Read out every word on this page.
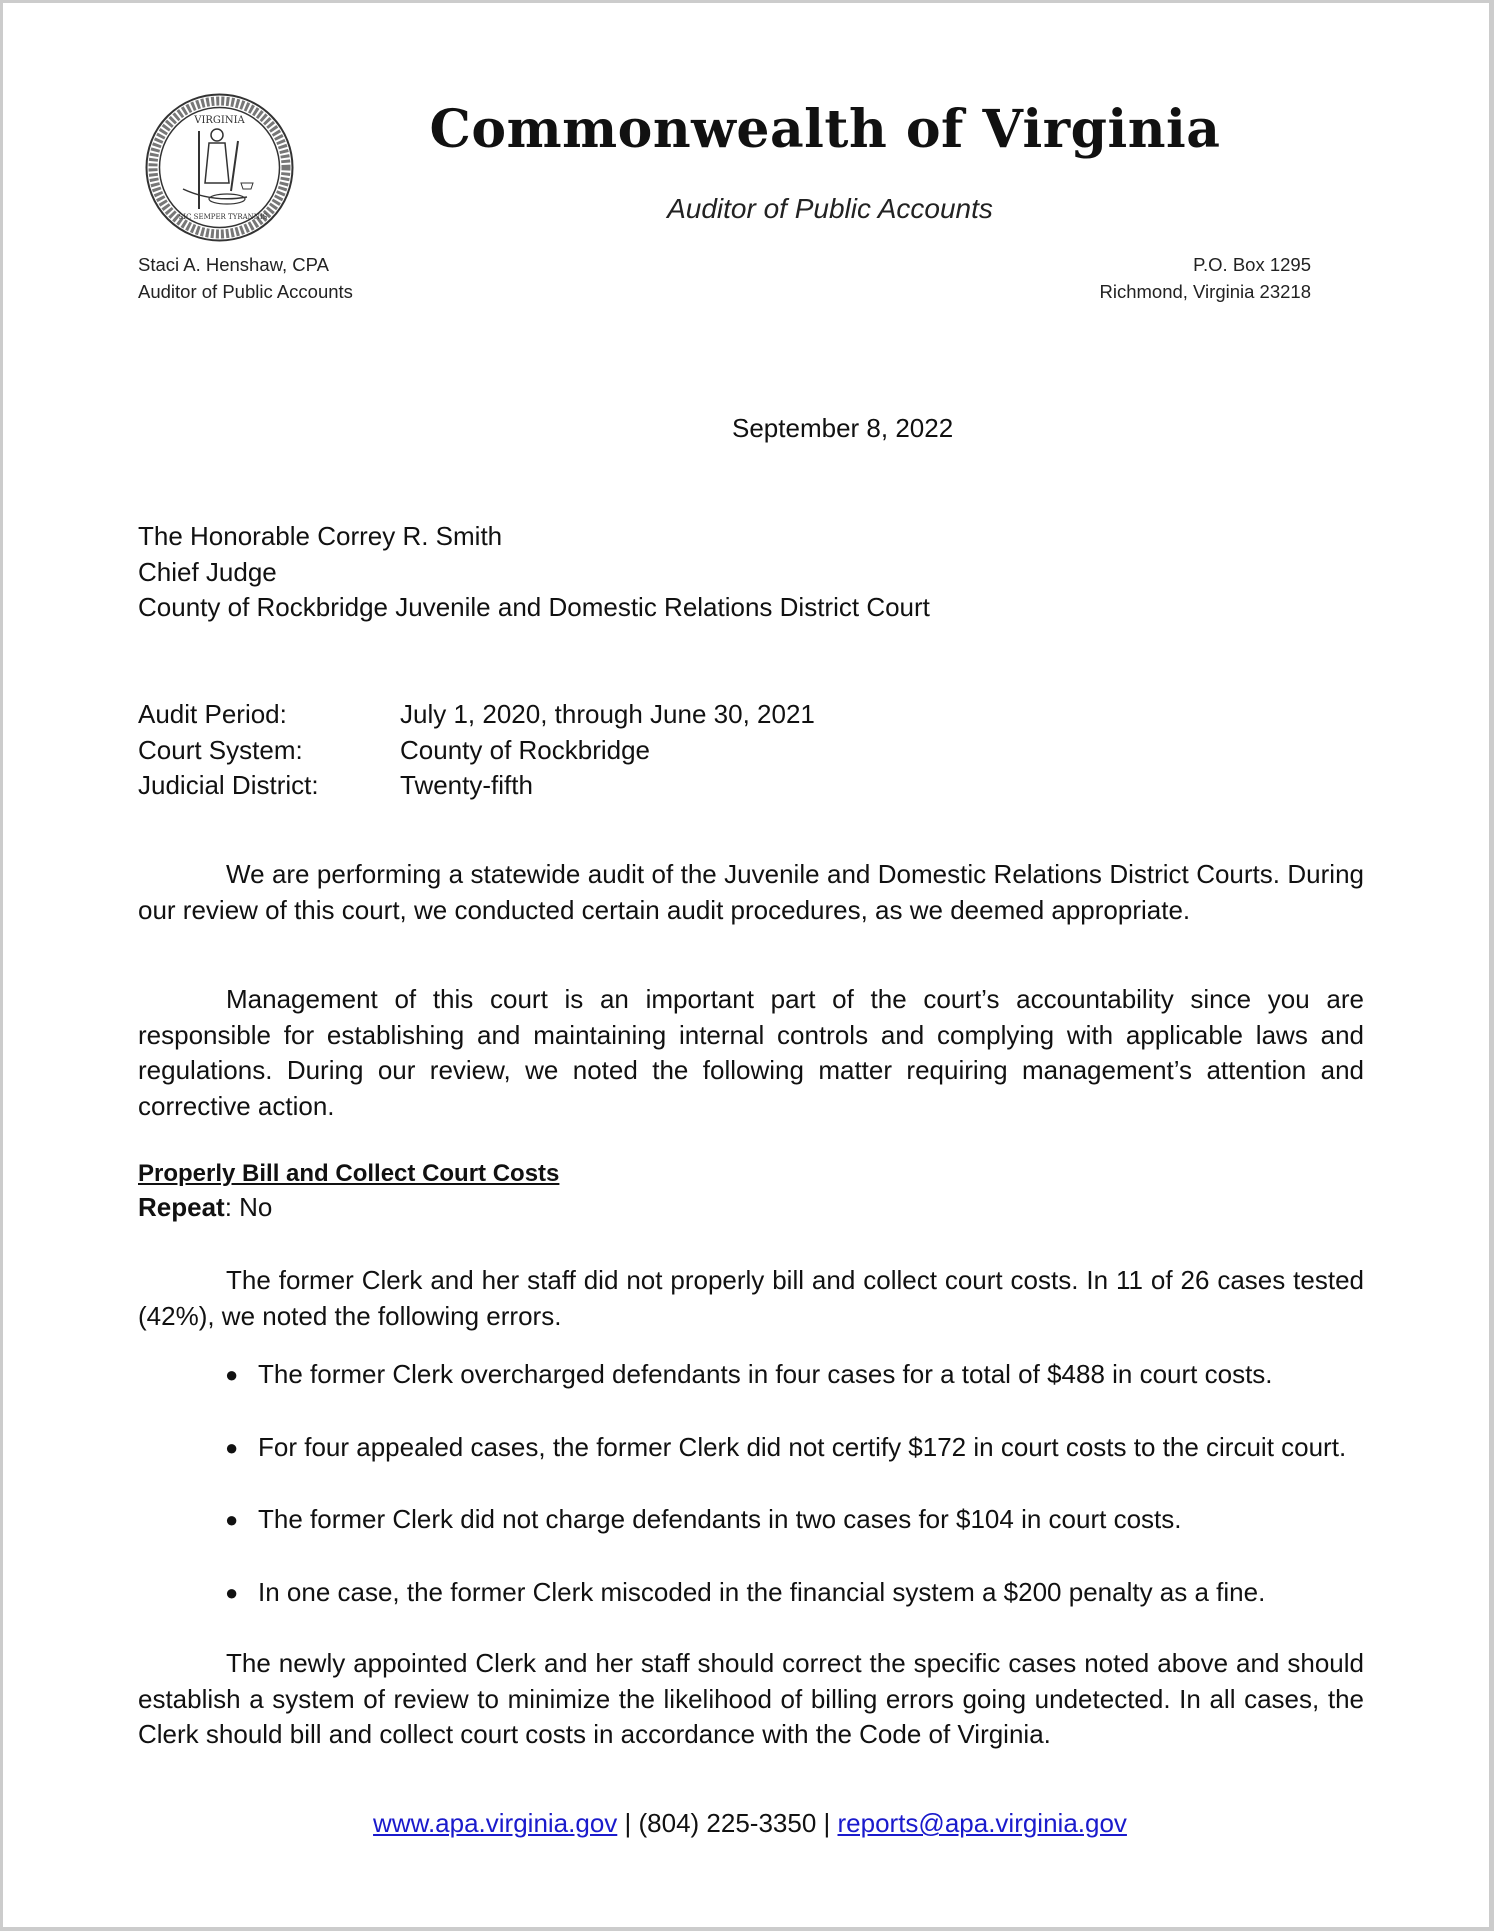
VIRGINIA
SIC SEMPER TYRANNIS
Commonwealth of Virginia
Auditor of Public Accounts
Staci A. Henshaw, CPA
Auditor of Public Accounts
P.O. Box 1295
Richmond, Virginia 23218
September 8, 2022
The Honorable Correy R. Smith
Chief Judge
County of Rockbridge Juvenile and Domestic Relations District Court
Audit Period:	July 1, 2020, through June 30, 2021
Court System:	County of Rockbridge
Judicial District:	Twenty-fifth

We are performing a statewide audit of the Juvenile and Domestic Relations District Courts. During our review of this court, we conducted certain audit procedures, as we deemed appropriate.

Management of this court is an important part of the court’s accountability since you are responsible for establishing and maintaining internal controls and complying with applicable laws and regulations. During our review, we noted the following matter requiring management’s attention and corrective action.

Properly Bill and Collect Court Costs
Repeat: No

The former Clerk and her staff did not properly bill and collect court costs. In 11 of 26 cases tested (42%), we noted the following errors.

● The former Clerk overcharged defendants in four cases for a total of $488 in court costs.
● For four appealed cases, the former Clerk did not certify $172 in court costs to the circuit court.
● The former Clerk did not charge defendants in two cases for $104 in court costs.
● In one case, the former Clerk miscoded in the financial system a $200 penalty as a fine.

The newly appointed Clerk and her staff should correct the specific cases noted above and should establish a system of review to minimize the likelihood of billing errors going undetected. In all cases, the Clerk should bill and collect court costs in accordance with the Code of Virginia.

www.apa.virginia.gov | (804) 225-3350 | reports@apa.virginia.gov
